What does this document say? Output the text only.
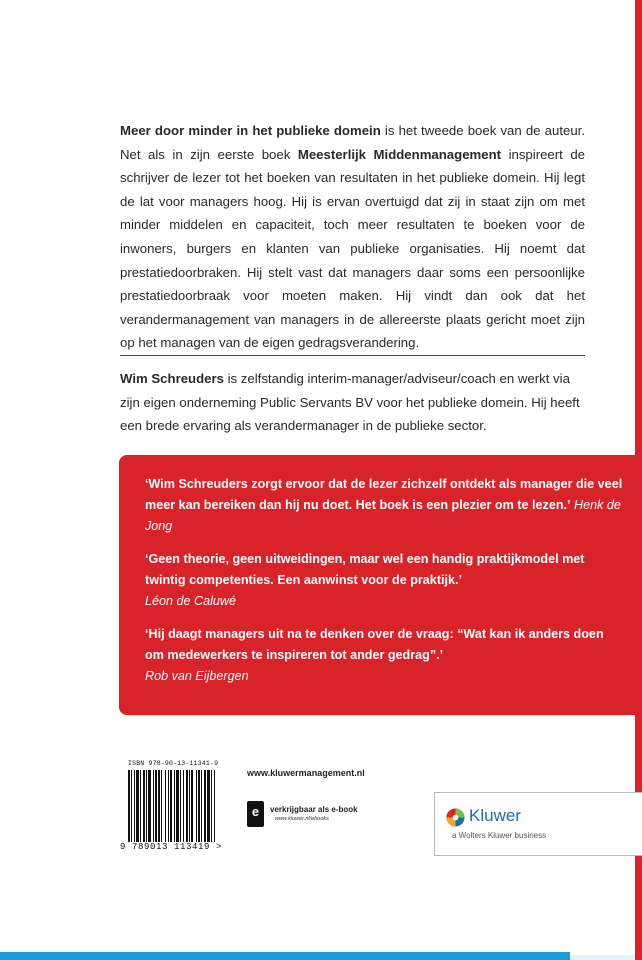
Meer door minder in het publieke domein is het tweede boek van de auteur. Net als in zijn eerste boek Meesterlijk Middenmanagement inspireert de schrijver de lezer tot het boeken van resultaten in het publieke domein. Hij legt de lat voor managers hoog. Hij is ervan overtuigd dat zij in staat zijn om met minder middelen en capaciteit, toch meer resultaten te boeken voor de inwoners, burgers en klanten van publieke organisaties. Hij noemt dat prestatiedoorbraken. Hij stelt vast dat managers daar soms een persoonlijke prestatiedoorbraak voor moeten maken. Hij vindt dan ook dat het verandermanagement van managers in de allereerste plaats gericht moet zijn op het managen van de eigen gedragsverandering.

Wim Schreuders is zelfstandig interim-manager/adviseur/coach en werkt via zijn eigen onderneming Public Servants BV voor het publieke domein. Hij heeft een brede ervaring als verandermanager in de publieke sector.

‘Wim Schreuders zorgt ervoor dat de lezer zichzelf ontdekt als manager die veel meer kan bereiken dan hij nu doet. Het boek is een plezier om te lezen.’ Henk de Jong

‘Geen theorie, geen uitweidingen, maar wel een handig praktijkmodel met twintig competenties. Een aanwinst voor de praktijk.’
Léon de Caluwé

‘Hij daagt managers uit na te denken over de vraag: “Wat kan ik anders doen om medewerkers te inspireren tot ander gedrag”.’
Rob van Eijbergen

ISBN 978-90-13-11341-9
9 789013 113419 >
www.kluwermanagement.nl
e	verkrijgbaar als e-book
www.kluwer.nl/ebooks	Kluwer
a Wolters Kluwer business
